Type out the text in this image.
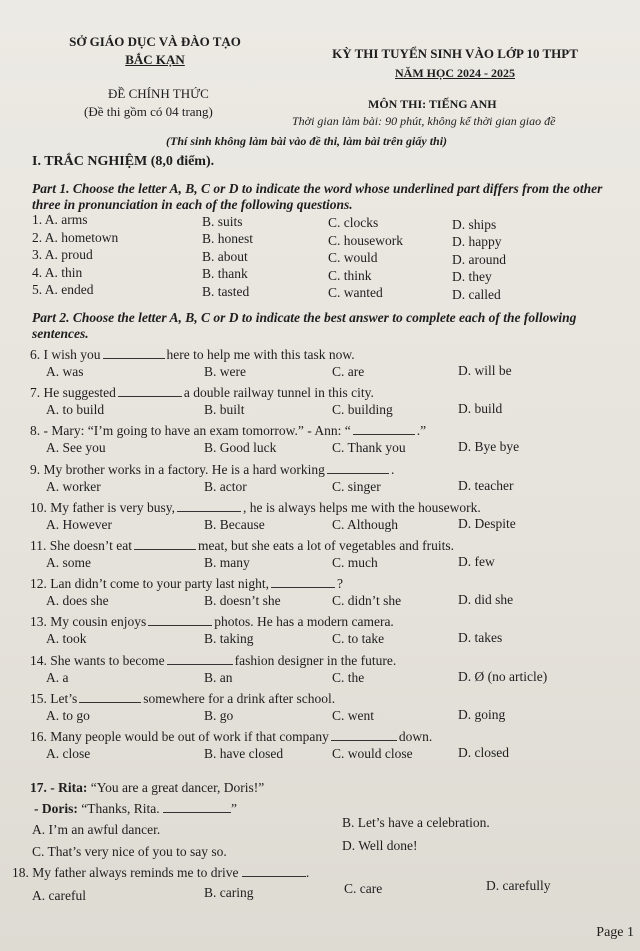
SỞ GIÁO DỤC VÀ ĐÀO TẠO
BẮC KẠN	KỲ THI TUYỂN SINH VÀO LỚP 10 THPT
NĂM HỌC 2024 - 2025
ĐỀ CHÍNH THỨC
(Đề thi gồm có 04 trang)	MÔN THI: TIẾNG ANH
Thời gian làm bài: 90 phút, không kể thời gian giao đề
(Thí sinh không làm bài vào đề thi, làm bài trên giấy thi)
I. TRẮC NGHIỆM (8,0 điểm).
Part 1. Choose the letter A, B, C or D to indicate the word whose underlined part differs from the other three in pronunciation in each of the following questions.
1. A. arms	B. suits	C. clocks	D. ships
2. A. hometown	B. honest	C. housework	D. happy
3. A. proud	B. about	C. would	D. around
4. A. thin	B. thank	C. think	D. they
5. A. ended	B. tasted	C. wanted	D. called
Part 2. Choose the letter A, B, C or D to indicate the best answer to complete each of the following sentences.
6. I wish you	here to help me with this task now.
A. was	B. were	C. are	D. will be
7. He suggested	a double railway tunnel in this city.
A. to build	B. built	C. building	D. build
8. - Mary: “I’m going to have an exam tomorrow.” - Ann: “	.”
A. See you	B. Good luck	C. Thank you	D. Bye bye
9. My brother works in a factory. He is a hard working	.
A. worker	B. actor	C. singer	D. teacher
10. My father is very busy,	, he is always helps me with the housework.
A. However	B. Because	C. Although	D. Despite
11. She doesn’t eat	meat, but she eats a lot of vegetables and fruits.
A. some	B. many	C. much	D. few
12. Lan didn’t come to your party last night,	?
A. does she	B. doesn’t she	C. didn’t she	D. did she
13. My cousin enjoys	photos. He has a modern camera.
A. took	B. taking	C. to take	D. takes
14. She wants to become	fashion designer in the future.
A. a	B. an	C. the	D. Ø (no article)
15. Let’s	somewhere for a drink after school.
A. to go	B. go	C. went	D. going
16. Many people would be out of work if that company	down.
A. close	B. have closed	C. would close	D. closed
17. - Rita: “You are a great dancer, Doris!”
- Doris: “Thanks, Rita.	”
A. I’m an awful dancer.	B. Let’s have a celebration.
C. That’s very nice of you to say so.	D. Well done!
18. My father always reminds me to drive	.
A. careful	B. caring	C. care	D. carefully
Page 1
